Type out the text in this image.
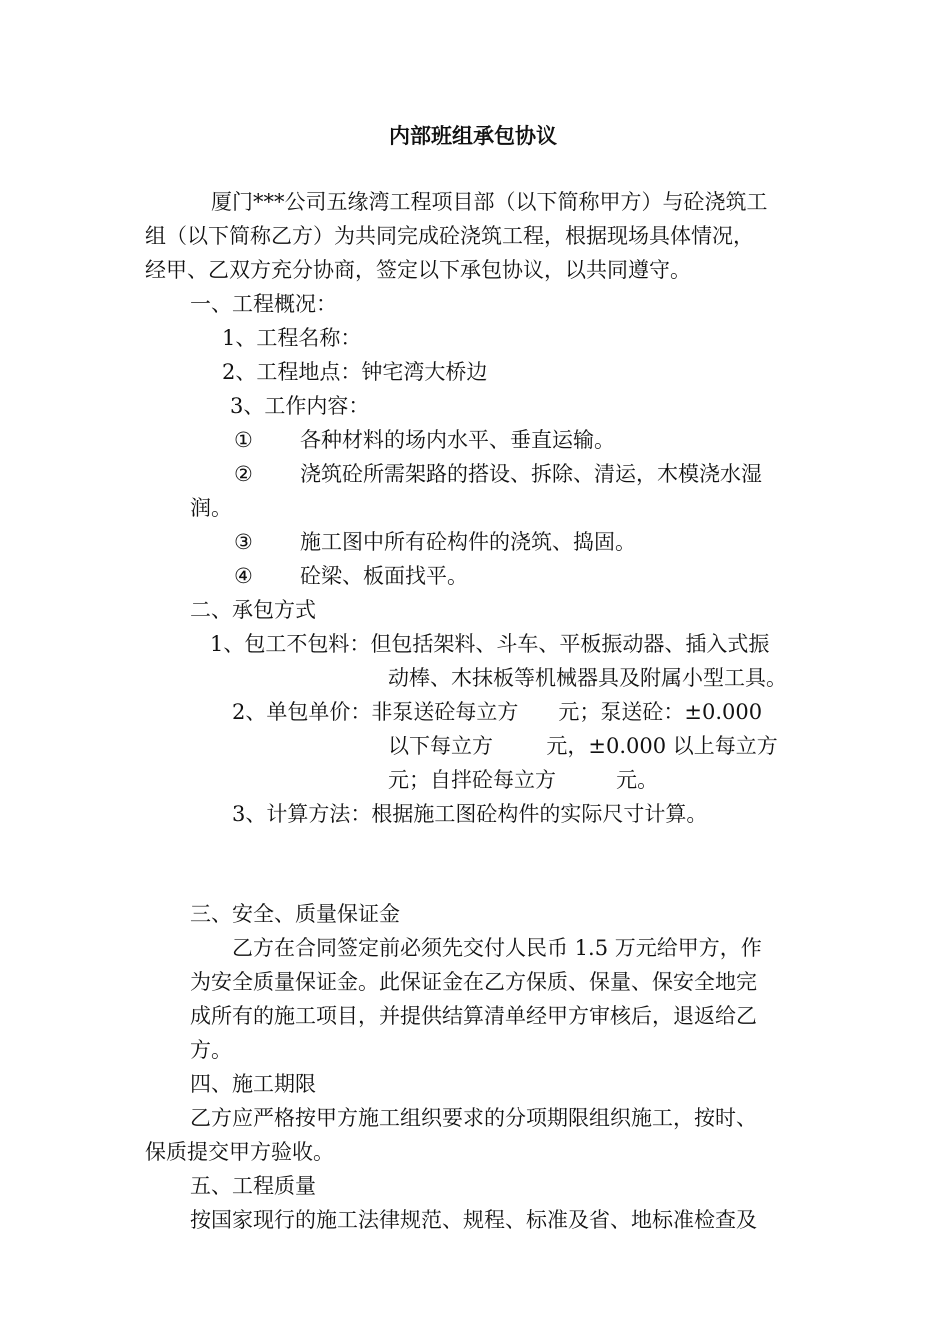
内部班组承包协议
厦门***公司五缘湾工程项目部（以下简称甲方）与砼浇筑工
组（以下简称乙方）为共同完成砼浇筑工程，根据现场具体情况，
经甲、乙双方充分协商，签定以下承包协议，以共同遵守。
一、工程概况：
1、工程名称：
2、工程地点：钟宅湾大桥边
3、工作内容：
① 各种材料的场内水平、垂直运输。
② 浇筑砼所需架路的搭设、拆除、清运，木模浇水湿
润。
③ 施工图中所有砼构件的浇筑、捣固。
④ 砼梁、板面找平。
二、承包方式
1、包工不包料：但包括架料、斗车、平板振动器、插入式振
动棒、木抹板等机械器具及附属小型工具。
2、单包单价：非泵送砼每立方      元；泵送砼：±0.000
以下每立方        元，±0.000 以上每立方
元；自拌砼每立方         元。
3、计算方法：根据施工图砼构件的实际尺寸计算。
三、安全、质量保证金
乙方在合同签定前必须先交付人民币 1.5 万元给甲方，作
为安全质量保证金。此保证金在乙方保质、保量、保安全地完
成所有的施工项目，并提供结算清单经甲方审核后，退返给乙
方。
四、施工期限
乙方应严格按甲方施工组织要求的分项期限组织施工，按时、
保质提交甲方验收。
五、工程质量
按国家现行的施工法律规范、规程、标准及省、地标准检查及
